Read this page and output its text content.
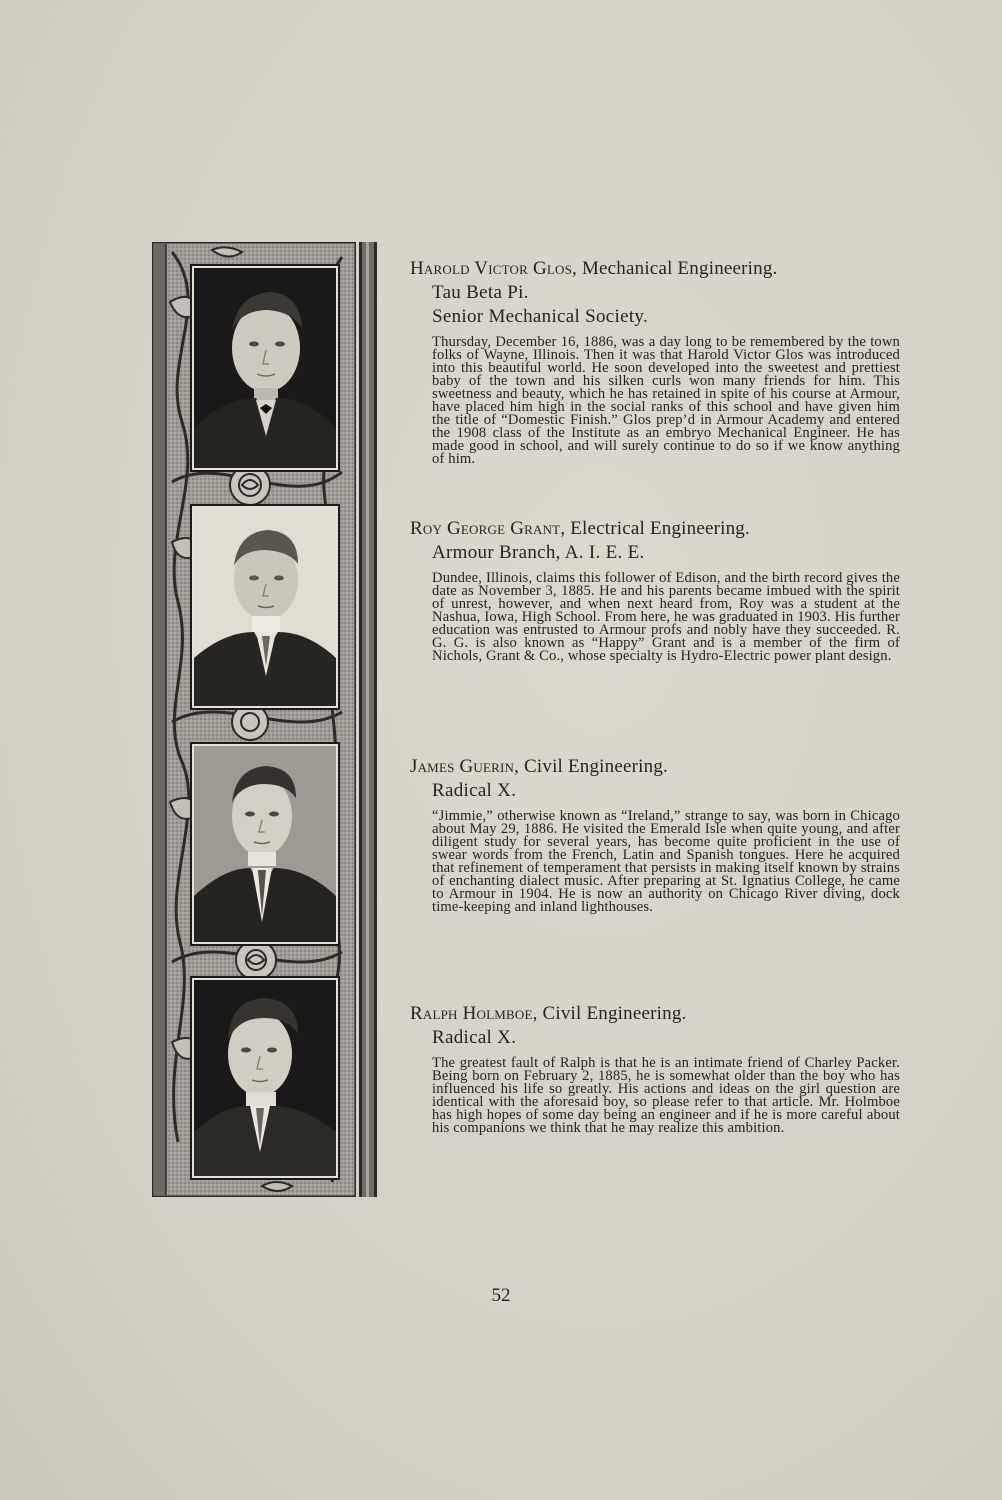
Harold Victor Glos, Mechanical Engineering.
Tau Beta Pi.
Senior Mechanical Society.

Thursday, December 16, 1886, was a day long to be remembered by the town folks of Wayne, Illinois. Then it was that Harold Victor Glos was introduced into this beautiful world. He soon developed into the sweetest and prettiest baby of the town and his silken curls won many friends for him. This sweetness and beauty, which he has retained in spite of his course at Armour, have placed him high in the social ranks of this school and have given him the title of “Domestic Finish.” Glos prep’d in Armour Academy and entered the 1908 class of the Institute as an embryo Mechanical Engineer. He has made good in school, and will surely continue to do so if we know anything of him.

Roy George Grant, Electrical Engineering.
Armour Branch, A. I. E. E.

Dundee, Illinois, claims this follower of Edison, and the birth record gives the date as November 3, 1885. He and his parents became imbued with the spirit of unrest, however, and when next heard from, Roy was a student at the Nashua, Iowa, High School. From here, he was graduated in 1903. His further education was entrusted to Armour profs and nobly have they succeeded. R. G. G. is also known as “Happy” Grant and is a member of the firm of Nichols, Grant & Co., whose specialty is Hydro-Electric power plant design.

James Guerin, Civil Engineering.
Radical X.

“Jimmie,” otherwise known as “Ireland,” strange to say, was born in Chicago about May 29, 1886. He visited the Emerald Isle when quite young, and after diligent study for several years, has become quite proficient in the use of swear words from the French, Latin and Spanish tongues. Here he acquired that refinement of temperament that persists in making itself known by strains of enchanting dialect music. After preparing at St. Ignatius College, he came to Armour in 1904. He is now an authority on Chicago River diving, dock time-keeping and inland lighthouses.

Ralph Holmboe, Civil Engineering.
Radical X.

The greatest fault of Ralph is that he is an intimate friend of Charley Packer. Being born on February 2, 1885, he is somewhat older than the boy who has influenced his life so greatly. His actions and ideas on the girl question are identical with the aforesaid boy, so please refer to that article. Mr. Holmboe has high hopes of some day being an engineer and if he is more careful about his companions we think that he may realize this ambition.

52
